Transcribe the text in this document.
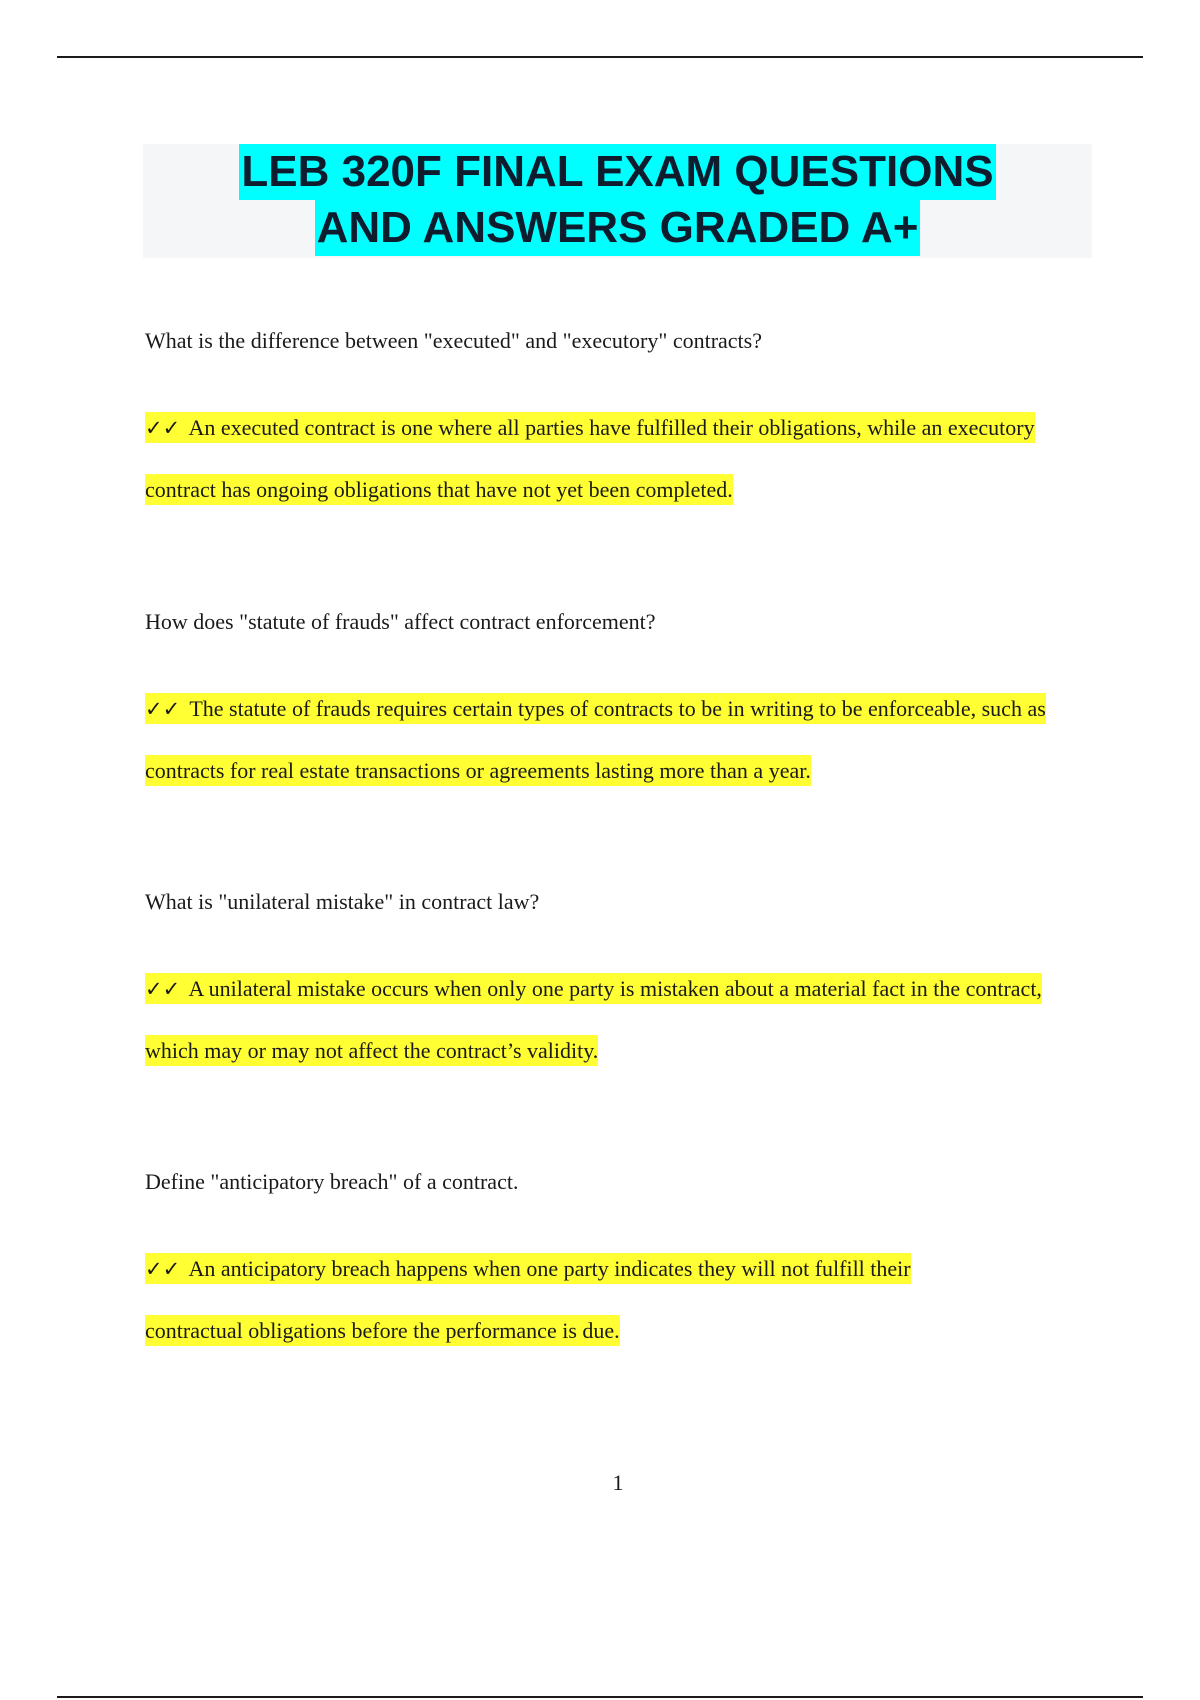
LEB 320F FINAL EXAM QUESTIONS
AND ANSWERS GRADED A+

What is the difference between "executed" and "executory" contracts?

✓✓ An executed contract is one where all parties have fulfilled their obligations, while an executory contract has ongoing obligations that have not yet been completed.

How does "statute of frauds" affect contract enforcement?

✓✓ The statute of frauds requires certain types of contracts to be in writing to be enforceable, such as contracts for real estate transactions or agreements lasting more than a year.

What is "unilateral mistake" in contract law?

✓✓ A unilateral mistake occurs when only one party is mistaken about a material fact in the contract, which may or may not affect the contract’s validity.

Define "anticipatory breach" of a contract.

✓✓ An anticipatory breach happens when one party indicates they will not fulfill their contractual obligations before the performance is due.

1
